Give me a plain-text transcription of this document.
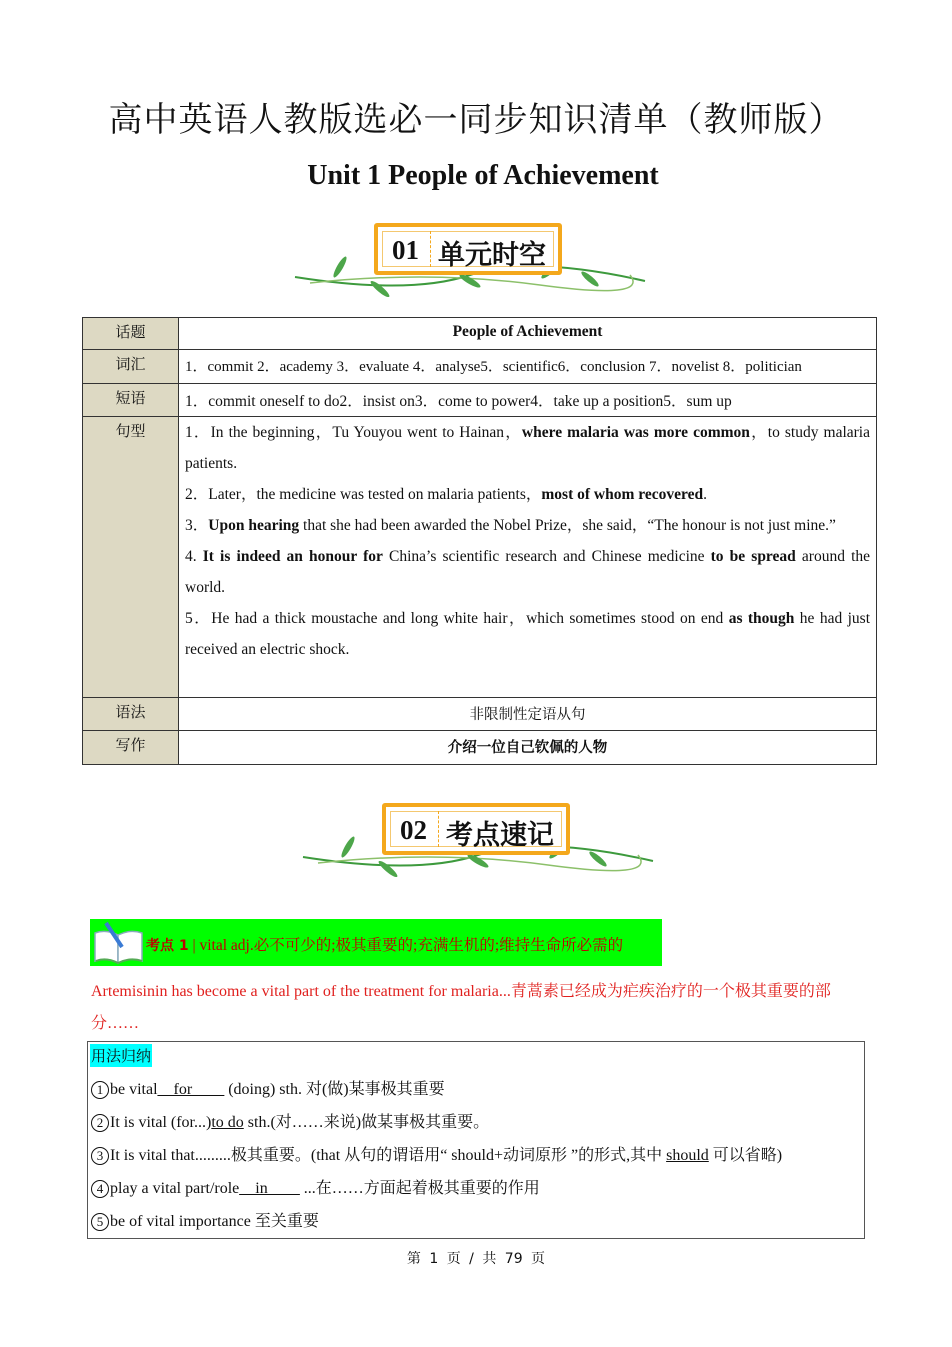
高中英语人教版选必一同步知识清单（教师版）
Unit 1 People of Achievement
01 单元时空
话题	People of Achievement
词汇	1．commit 2．academy 3．evaluate 4．analyse5．scientific6．conclusion 7．novelist 8．politician
短语	1．commit oneself to do2．insist on3．come to power4．take up a position5．sum up
句型	1．In the beginning，Tu Youyou went to Hainan，where malaria was more common，to study malaria patients.
2．Later，the medicine was tested on malaria patients，most of whom recovered.
3．Upon hearing that she had been awarded the Nobel Prize，she said，“The honour is not just mine.”
4. It is indeed an honour for China’s scientific research and Chinese medicine to be spread around the world.
5．He had a thick moustache and long white hair，which sometimes stood on end as though he had just received an electric shock.

语法	非限制性定语从句
写作	介绍一位自己钦佩的人物
02 考点速记
考点 1 | vital adj.必不可少的;极其重要的;充满生机的;维持生命所必需的
Artemisinin has become a vital part of the treatment for malaria...青蒿素已经成为疟疾治疗的一个极其重要的部分……
用法归纳
1 be vital__for____ (doing) sth. 对(做)某事极其重要
2 It is vital (for...)to do sth.(对……来说)做某事极其重要。
3 It is vital that.........极其重要。(that 从句的谓语用“ should+动词原形 ”的形式,其中 should 可以省略)
4 play a vital part/role__in____ ...在……方面起着极其重要的作用
5 be of vital importance 至关重要
第 1 页 / 共 79 页
